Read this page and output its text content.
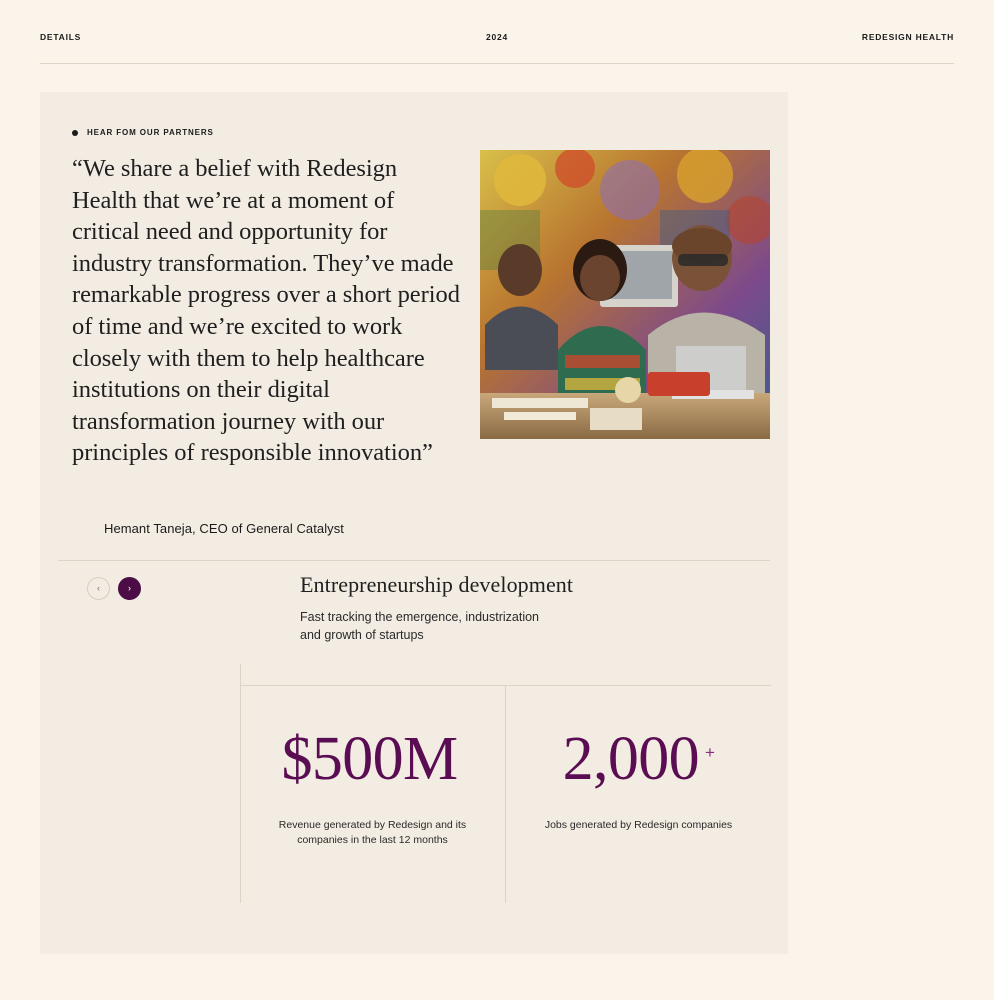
DETAILS	2024	REDESIGN HEALTH
HEAR FOM OUR PARTNERS
“We share a belief with Redesign Health that we’re at a moment of critical need and opportunity for industry transformation. They’ve made remarkable progress over a short period of time and we’re excited to work closely with them to help healthcare institutions on their digital transformation journey with our principles of responsible innovation”
Hemant Taneja, CEO of General Catalyst
‹	›	Entrepreneurship development
Fast tracking the emergence, industrization and growth of startups
$500M
Revenue generated by Redesign and its companies in the last 12 months
2,000 +
Jobs generated by Redesign companies
